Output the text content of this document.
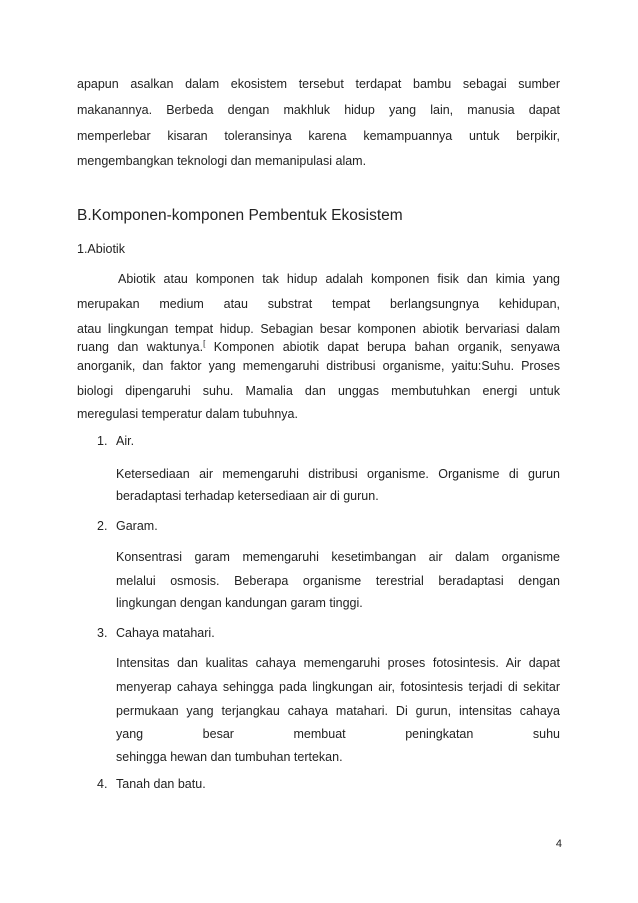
apapun asalkan dalam ekosistem tersebut terdapat bambu sebagai sumber
makanannya. Berbeda dengan makhluk hidup yang lain, manusia dapat
memperlebar kisaran toleransinya karena kemampuannya untuk berpikir,
mengembangkan teknologi dan memanipulasi alam.
B.Komponen-komponen Pembentuk Ekosistem
1.Abiotik
Abiotik atau komponen tak hidup adalah komponen fisik dan kimia yang
merupakan medium atau substrat tempat berlangsungnya kehidupan,
atau lingkungan tempat hidup. Sebagian besar komponen abiotik bervariasi dalam
ruang dan waktunya.[ Komponen abiotik dapat berupa bahan organik, senyawa
anorganik, dan faktor yang memengaruhi distribusi organisme, yaitu:Suhu. Proses
biologi dipengaruhi suhu. Mamalia dan unggas membutuhkan energi untuk
meregulasi temperatur dalam tubuhnya.
1. Air.
Ketersediaan air memengaruhi distribusi organisme. Organisme di gurun
beradaptasi terhadap ketersediaan air di gurun.
2. Garam.
Konsentrasi garam memengaruhi kesetimbangan air dalam organisme
melalui osmosis. Beberapa organisme terestrial beradaptasi dengan
lingkungan dengan kandungan garam tinggi.
3. Cahaya matahari.
Intensitas dan kualitas cahaya memengaruhi proses fotosintesis. Air dapat
menyerap cahaya sehingga pada lingkungan air, fotosintesis terjadi di sekitar
permukaan yang terjangkau cahaya matahari. Di gurun, intensitas cahaya
yang besar membuat peningkatan suhu
sehingga hewan dan tumbuhan tertekan.
4. Tanah dan batu.
4
